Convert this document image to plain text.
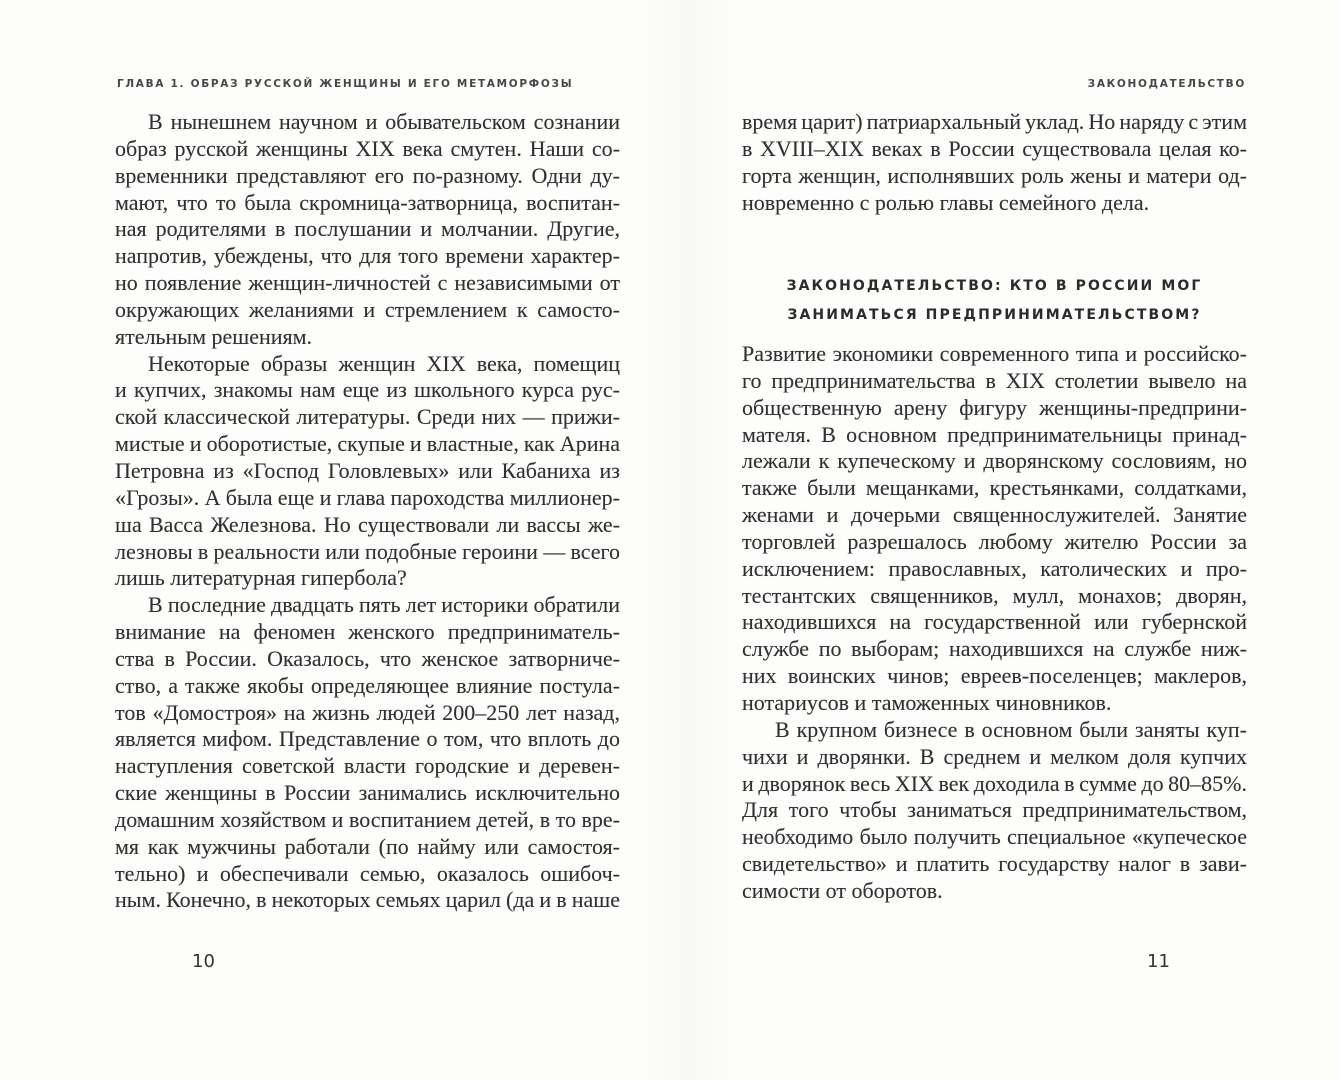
ГЛАВА 1. ОБРАЗ РУССКОЙ ЖЕНЩИНЫ И ЕГО МЕТАМОРФОЗЫ
В нынешнем научном и обывательском сознании
образ русской женщины XIX века смутен. Наши со-
временники представляют его по-разному. Одни ду-
мают, что то была скромница-затворница, воспитан-
ная родителями в послушании и молчании. Другие,
напротив, убеждены, что для того времени характер-
но появление женщин-личностей с независимыми от
окружающих желаниями и стремлением к самосто-
ятельным решениям.
Некоторые образы женщин XIX века, помещиц
и купчих, знакомы нам еще из школьного курса рус-
ской классической литературы. Среди них — прижи-
мистые и оборотистые, скупые и властные, как Арина
Петровна из «Господ Головлевых» или Кабаниха из
«Грозы». А была еще и глава пароходства миллионер-
ша Васса Железнова. Но существовали ли вассы же-
лезновы в реальности или подобные героини — всего
лишь литературная гипербола?
В последние двадцать пять лет историки обратили
внимание на феномен женского предприниматель-
ства в России. Оказалось, что женское затворниче-
ство, а также якобы определяющее влияние постула-
тов «Домостроя» на жизнь людей 200–250 лет назад,
является мифом. Представление о том, что вплоть до
наступления советской власти городские и деревен-
ские женщины в России занимались исключительно
домашним хозяйством и воспитанием детей, в то вре-
мя как мужчины работали (по найму или самостоя-
тельно) и обеспечивали семью, оказалось ошибоч-
ным. Конечно, в некоторых семьях царил (да и в наше
10
ЗАКОНОДАТЕЛЬСТВО
время царит) патриархальный уклад. Но наряду с этим
в XVIII–XIX веках в России существовала целая ко-
горта женщин, исполнявших роль жены и матери од-
новременно с ролью главы семейного дела.
ЗАКОНОДАТЕЛЬСТВО: КТО В РОССИИ МОГ
ЗАНИМАТЬСЯ ПРЕДПРИНИМАТЕЛЬСТВОМ?
Развитие экономики современного типа и российско-
го предпринимательства в XIX столетии вывело на
общественную арену фигуру женщины-предприни-
мателя. В основном предпринимательницы принад-
лежали к купеческому и дворянскому сословиям, но
также были мещанками, крестьянками, солдатками,
женами и дочерьми священнослужителей. Занятие
торговлей разрешалось любому жителю России за
исключением: православных, католических и про-
тестантских священников, мулл, монахов; дворян,
находившихся на государственной или губернской
службе по выборам; находившихся на службе ниж-
них воинских чинов; евреев-поселенцев; маклеров,
нотариусов и таможенных чиновников.
В крупном бизнесе в основном были заняты куп-
чихи и дворянки. В среднем и мелком доля купчих
и дворянок весь XIX век доходила в сумме до 80–85%.
Для того чтобы заниматься предпринимательством,
необходимо было получить специальное «купеческое
свидетельство» и платить государству налог в зави-
симости от оборотов.
11
